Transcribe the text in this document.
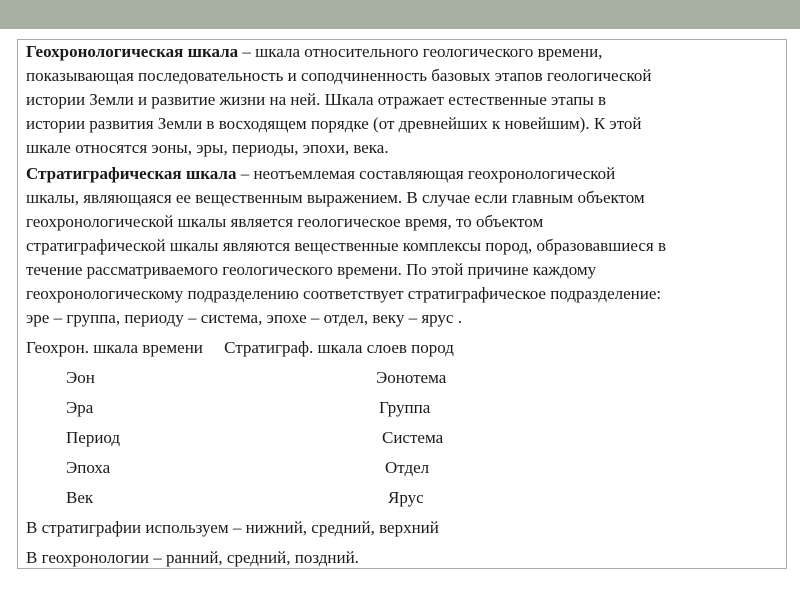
Геохронологическая шкала – шкала относительного геологического времени,
показывающая последовательность и соподчиненность базовых этапов геологической
истории Земли и развитие жизни на ней. Шкала отражает естественные этапы в
истории развития Земли в восходящем порядке (от древнейших к новейшим). К этой
шкале относятся эоны, эры, периоды, эпохи, века.
Стратиграфическая шкала – неотъемлемая составляющая геохронологической
шкалы, являющаяся ее вещественным выражением. В случае если главным объектом
геохронологической шкалы является геологическое время, то объектом
стратиграфической шкалы являются вещественные комплексы пород, образовавшиеся в
течение рассматриваемого геологического времени. По этой причине каждому
геохронологическому подразделению соответствует стратиграфическое подразделение:
эре – группа, периоду – система, эпохе – отдел, веку – ярус .
Геохрон. шкала времени     Стратиграф. шкала слоев пород
Эон	Эонотема
Эра	Группа
Период	Система
Эпоха	Отдел
Век	Ярус
В стратиграфии используем – нижний, средний, верхний
В геохронологии – ранний, средний, поздний.
